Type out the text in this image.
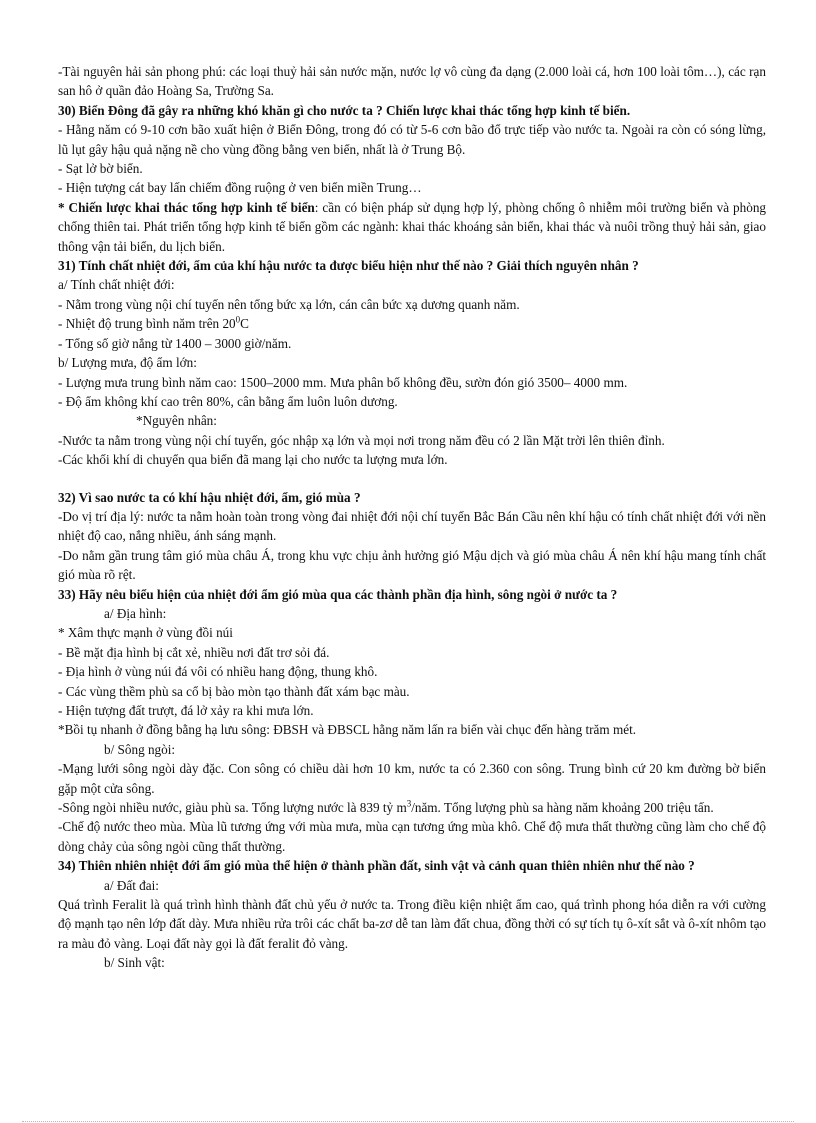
-Tài nguyên hải sản phong phú: các loại thuỷ hải sản nước mặn, nước lợ vô cùng đa dạng (2.000 loài cá, hơn 100 loài tôm…), các rạn san hô ở quần đảo Hoàng Sa, Trường Sa.

30) Biển Đông đã gây ra những khó khăn gì cho nước ta ? Chiến lược khai thác tổng hợp kinh tế biển.

- Hằng năm có 9-10 cơn bão xuất hiện ở Biển Đông, trong đó có từ 5-6 cơn bão đổ trực tiếp vào nước ta. Ngoài ra còn có sóng lừng, lũ lụt gây hậu quả nặng nề cho vùng đồng bằng ven biển, nhất là ở Trung Bộ.

- Sạt lở bờ biển.

- Hiện tượng cát bay lấn chiếm đồng ruộng ở ven biển miền Trung…

* Chiến lược khai thác tổng hợp kinh tế biển: cần có biện pháp sử dụng hợp lý, phòng chống ô nhiễm môi trường biển và phòng chống thiên tai. Phát triển tổng hợp kinh tế biển gồm các ngành: khai thác khoáng sản biển, khai thác và nuôi trồng thuỷ hải sản, giao thông vận tải biển, du lịch biển.

31) Tính chất nhiệt đới, ẩm của khí hậu nước ta được biểu hiện như thế nào ? Giải thích nguyên nhân ?

a/ Tính chất nhiệt đới:

- Nằm trong vùng nội chí tuyến nên tổng bức xạ lớn, cán cân bức xạ dương quanh năm.

- Nhiệt độ trung bình năm trên $20^0C$

- Tổng số giờ nắng từ 1400 – 3000 giờ/năm.

b/ Lượng mưa, độ ẩm lớn:

- Lượng mưa trung bình năm cao: 1500–2000 mm. Mưa phân bố không đều, sườn đón gió 3500– 4000 mm.

- Độ ẩm không khí cao trên 80%, cân bằng ẩm luôn luôn dương.

*Nguyên nhân:

-Nước ta nằm trong vùng nội chí tuyến, góc nhập xạ lớn và mọi nơi trong năm đều có 2 lần Mặt trời lên thiên đỉnh.

-Các khối khí di chuyển qua biển đã mang lại cho nước ta lượng mưa lớn.

32) Vì sao nước ta có khí hậu nhiệt đới, ẩm, gió mùa ?

-Do vị trí địa lý: nước ta nằm hoàn toàn trong vòng đai nhiệt đới nội chí tuyến Bắc Bán Cầu nên khí hậu có tính chất nhiệt đới với nền nhiệt độ cao, nắng nhiều, ánh sáng mạnh.

-Do nằm gần trung tâm gió mùa châu Á, trong khu vực chịu ảnh hưởng gió Mậu dịch và gió mùa châu Á nên khí hậu mang tính chất gió mùa rõ rệt.

33) Hãy nêu biểu hiện của nhiệt đới ẩm gió mùa qua các thành phần địa hình, sông ngòi ở nước ta ?

a/ Địa hình:

* Xâm thực mạnh ở vùng đồi núi

- Bề mặt địa hình bị cắt xẻ, nhiều nơi đất trơ sỏi đá.

- Địa hình ở vùng núi đá vôi có nhiều hang động, thung khô.

- Các vùng thềm phù sa cổ bị bào mòn tạo thành đất xám bạc màu.

- Hiện tượng đất trượt, đá lở xảy ra khi mưa lớn.

*Bồi tụ nhanh ở đồng bằng hạ lưu sông: ĐBSH và ĐBSCL hằng năm lấn ra biển vài chục đến hàng trăm mét.

b/ Sông ngòi:

-Mạng lưới sông ngòi dày đặc. Con sông có chiều dài hơn 10 km, nước ta có 2.360 con sông. Trung bình cứ 20 km đường bờ biển gặp một cửa sông.

-Sông ngòi nhiều nước, giàu phù sa. Tổng lượng nước là 839 tỷ $m^3$/năm. Tổng lượng phù sa hàng năm khoảng 200 triệu tấn.

-Chế độ nước theo mùa. Mùa lũ tương ứng với mùa mưa, mùa cạn tương ứng mùa khô. Chế độ mưa thất thường cũng làm cho chế độ dòng chảy của sông ngòi cũng thất thường.

34) Thiên nhiên nhiệt đới ẩm gió mùa thể hiện ở thành phần đất, sinh vật và cảnh quan thiên nhiên như thế nào ?

a/ Đất đai:

Quá trình Feralit là quá trình hình thành đất chủ yếu ở nước ta. Trong điều kiện nhiệt ẩm cao, quá trình phong hóa diễn ra với cường độ mạnh tạo nên lớp đất dày. Mưa nhiều rửa trôi các chất ba-zơ dễ tan làm đất chua, đồng thời có sự tích tụ ô-xít sắt và ô-xít nhôm tạo ra màu đỏ vàng. Loại đất này gọi là đất feralit đỏ vàng.

b/ Sinh vật:
